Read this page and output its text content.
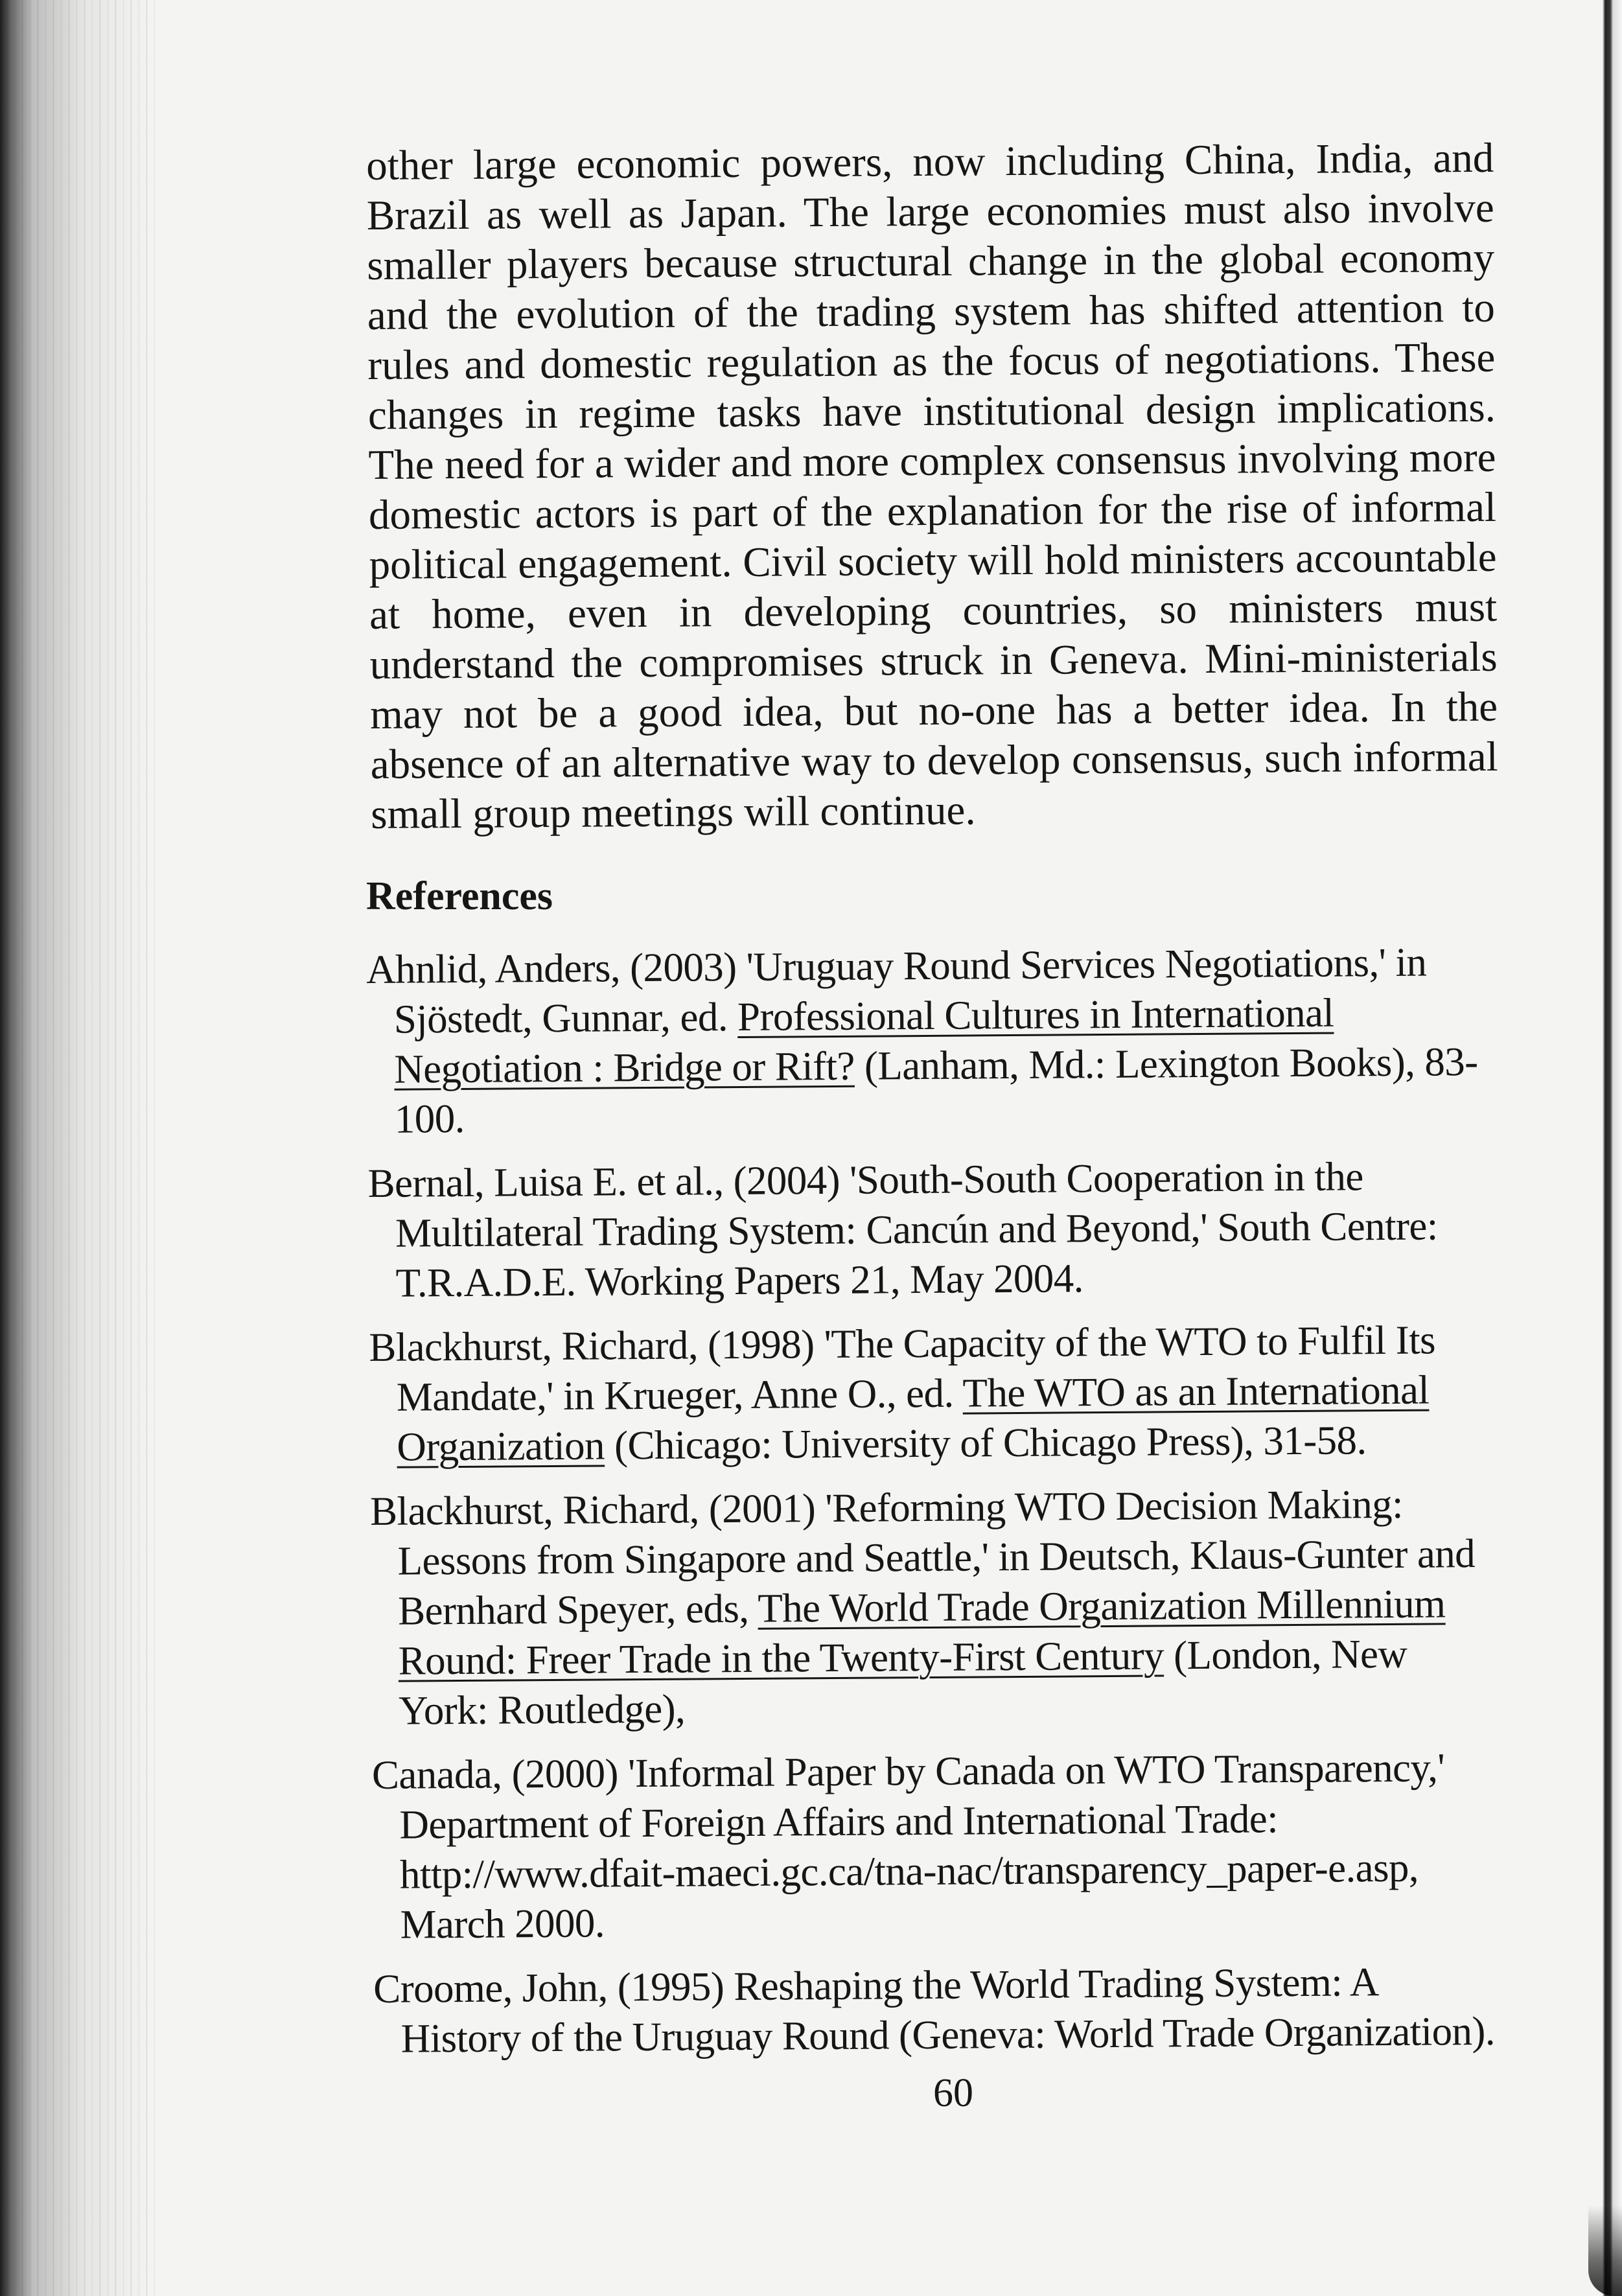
other large economic powers, now including China, India, and Brazil as well as Japan. The large economies must also involve smaller players because structural change in the global economy and the evolution of the trading system has shifted attention to rules and domestic regulation as the focus of negotiations. These changes in regime tasks have institutional design implications. The need for a wider and more complex consensus involving more domestic actors is part of the explanation for the rise of informal political engagement. Civil society will hold ministers accountable at home, even in developing countries, so ministers must understand the compromises struck in Geneva. Mini-ministerials may not be a good idea, but no-one has a better idea. In the absence of an alternative way to develop consensus, such informal small group meetings will continue.

References
Ahnlid, Anders, (2003) 'Uruguay Round Services Negotiations,' in Sjöstedt, Gunnar, ed. Professional Cultures in International Negotiation : Bridge or Rift? (Lanham, Md.: Lexington Books), 83-100.
Bernal, Luisa E. et al., (2004) 'South-South Cooperation in the Multilateral Trading System: Cancún and Beyond,' South Centre: T.R.A.D.E. Working Papers 21, May 2004.
Blackhurst, Richard, (1998) 'The Capacity of the WTO to Fulfil Its Mandate,' in Krueger, Anne O., ed. The WTO as an International Organization (Chicago: University of Chicago Press), 31-58.
Blackhurst, Richard, (2001) 'Reforming WTO Decision Making: Lessons from Singapore and Seattle,' in Deutsch, Klaus-Gunter and Bernhard Speyer, eds, The World Trade Organization Millennium Round: Freer Trade in the Twenty-First Century (London, New York: Routledge),
Canada, (2000) 'Informal Paper by Canada on WTO Transparency,' Department of Foreign Affairs and International Trade: http://www.dfait-maeci.gc.ca/tna-nac/transparency_paper-e.asp, March 2000.
Croome, John, (1995) Reshaping the World Trading System: A History of the Uruguay Round (Geneva: World Trade Organization).

60
